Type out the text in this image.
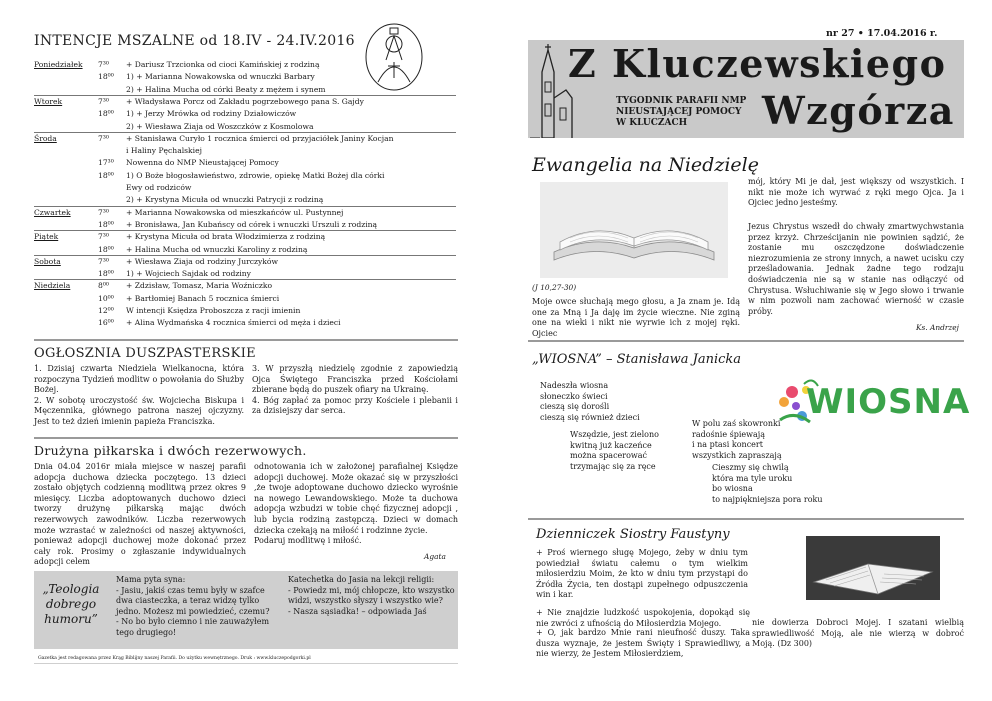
INTENCJE MSZALNE od 18.IV - 24.IV.2016
Poniedziałek 7³⁰ + Dariusz Trzcionka od cioci Kamińskiej z rodziną
18⁰⁰ 1) + Marianna Nowakowska od wnuczki Barbary
2) + Halina Mucha od córki Beaty z mężem i synem
Wtorek	7³⁰ + Władysława Porcz od Zakładu pogrzebowego pana S. Gajdy
18⁰⁰ 1) + Jerzy Mrówka od rodziny Działowiczów
2) + Wiesława Ziaja od Woszczków z Kosmolowa
Środa	7³⁰ + Stanisława Curyło 1 rocznica śmierci od przyjaciółek Janiny Kocjan
i Haliny Pęchalskiej
17³⁰ Nowenna do NMP Nieustającej Pomocy
18⁰⁰ 1) O Boże błogosławieństwo, zdrowie, opiekę Matki Bożej dla córki
Ewy od rodziców
2) + Krystyna Micuła od wnuczki Patrycji z rodziną
Czwartek	7³⁰ + Marianna Nowakowska od mieszkańców ul. Pustynnej
18⁰⁰ + Bronisława, Jan Kubańscy od córek i wnuczki Urszuli z rodziną
Piątek	7³⁰ + Krystyna Micuła od brata Włodzimierza z rodziną
18⁰⁰ + Halina Mucha od wnuczki Karoliny z rodziną
Sobota	7³⁰ + Wiesława Ziaja od rodziny Jurczyków
18⁰⁰ 1) + Wojciech Sajdak od rodziny
Niedziela	8⁰⁰ + Zdzisław, Tomasz, Maria Woźniczko
10⁰⁰ + Bartłomiej Banach 5 rocznica śmierci
12⁰⁰ W intencji Księdza Proboszcza z racji imienin
16⁰⁰ + Alina Wydmańska 4 rocznica śmierci od męża i dzieci
OGŁOSZNIA DUSZPASTERSKIE
1. Dzisiaj czwarta Niedziela Wielkanocna, która rozpoczyna Tydzień modlitw o powołania do Służby Bożej.
2. W sobotę uroczystość św. Wojciecha Biskupa i Męczennika, głównego patrona naszej ojczyzny. Jest to też dzień imienin papieża Franciszka.
3. W przyszłą niedzielę zgodnie z zapowiedzią Ojca Świętego Franciszka przed Kościołami zbierane będą do puszek ofiary na Ukrainę.
4. Bóg zapłać za pomoc przy Kościele i plebanii i za dzisiejszy dar serca.
Drużyna piłkarska i dwóch rezerwowych.
Dnia 04.04 2016r miała miejsce w naszej parafii adopcja duchowa dziecka poczętego. 13 dzieci zostało objętych codzienną modlitwą przez okres 9 miesięcy. Liczba adoptowanych duchowo dzieci tworzy drużynę piłkarską mając dwóch rezerwowych zawodników. Liczba rezerwowych może wzrastać w zależności od naszej aktywności, ponieważ adopcji duchowej może dokonać przez cały rok. Prosimy o zgłaszanie indywidualnych adopcji celem
odnotowania ich w założonej parafialnej Księdze adopcji duchowej. Może okazać się w przyszłości ,że twoje adoptowane duchowo dziecko wyrośnie na nowego Lewandowskiego. Może ta duchowa adopcja wzbudzi w tobie chęć fizycznej adopcji , lub bycia rodziną zastępczą. Dzieci w domach dziecka czekają na miłość i rodzinne życie.
Podaruj modlitwę i miłość.
Agata
„Teologia dobrego humoru”
Mama pyta syna:
- Jasiu, jakiś czas temu były w szafce dwa ciasteczka, a teraz widzę tylko jedno. Możesz mi powiedzieć, czemu?
- No bo było ciemno i nie zauważyłem tego drugiego!
Katechetka do Jasia na lekcji religii:
- Powiedz mi, mój chłopcze, kto wszystko widzi, wszystko słyszy i wszystko wie?
- Nasza sąsiadka! – odpowiada Jaś
Gazetka jest redagowana przez Krąg Biblijny naszej Parafii. Do użytku wewnętrznego. Druk : www.kluczepodgorki.pl
nr 27 • 17.04.2016 r.
Z Kluczewskiego
Wzgórza
TYGODNIK PARAFII NMP
NIEUSTAJĄCEJ POMOCY
W KLUCZACH
Ewangelia na Niedzielę
(J 10,27-30)
Moje owce słuchają mego głosu, a Ja znam je. Idą one za Mną i Ja daję im życie wieczne. Nie zginą one na wieki i nikt nie wyrwie ich z mojej ręki. Ojciec
mój, który Mi je dał, jest większy od wszystkich. I nikt nie może ich wyrwać z ręki mego Ojca. Ja i Ojciec jedno jesteśmy.
Jezus Chrystus wszedł do chwały zmartwychwstania przez krzyż. Chrześcijanin nie powinien sądzić, że zostanie mu oszczędzone doświadczenie niezrozumienia ze strony innych, a nawet ucisku czy prześladowania. Jednak żadne tego rodzaju doświadczenia nie są w stanie nas odłączyć od Chrystusa. Wsłuchiwanie się w Jego słowo i trwanie w nim pozwoli nam zachować wierność w czasie próby.
Ks. Andrzej
„WIOSNA” – Stanisława Janicka
WIOSNA
Nadeszła wiosna
słoneczko świeci
cieszą się dorośli
cieszą się również dzieci
Wszędzie, jest zielono
kwitną już kaczeńce
można spacerować
trzymając się za ręce
W polu zaś skowronki
radośnie śpiewają
i na ptasi koncert
wszystkich zapraszają
Cieszmy się chwilą
która ma tyle uroku
bo wiosna
to najpiękniejsza pora roku
Dzienniczek Siostry Faustyny
+ Proś wiernego sługę Mojego, żeby w dniu tym powiedział światu całemu o tym wielkim miłosierdziu Moim, że kto w dniu tym przystąpi do Źródła Życia, ten dostąpi zupełnego odpuszczenia win i kar.
+ Nie znajdzie ludzkość uspokojenia, dopokąd się nie zwróci z ufnością do Miłosierdzia Mojego.
+ O, jak bardzo Mnie rani nieufność duszy. Taka dusza wyznaje, że jestem Święty i Sprawiedliwy, a nie wierzy, że Jestem Miłosierdziem,
nie dowierza Dobroci Mojej. I szatani wielbią sprawiedliwość Moją, ale nie wierzą w dobroć Moją. (Dz 300)
